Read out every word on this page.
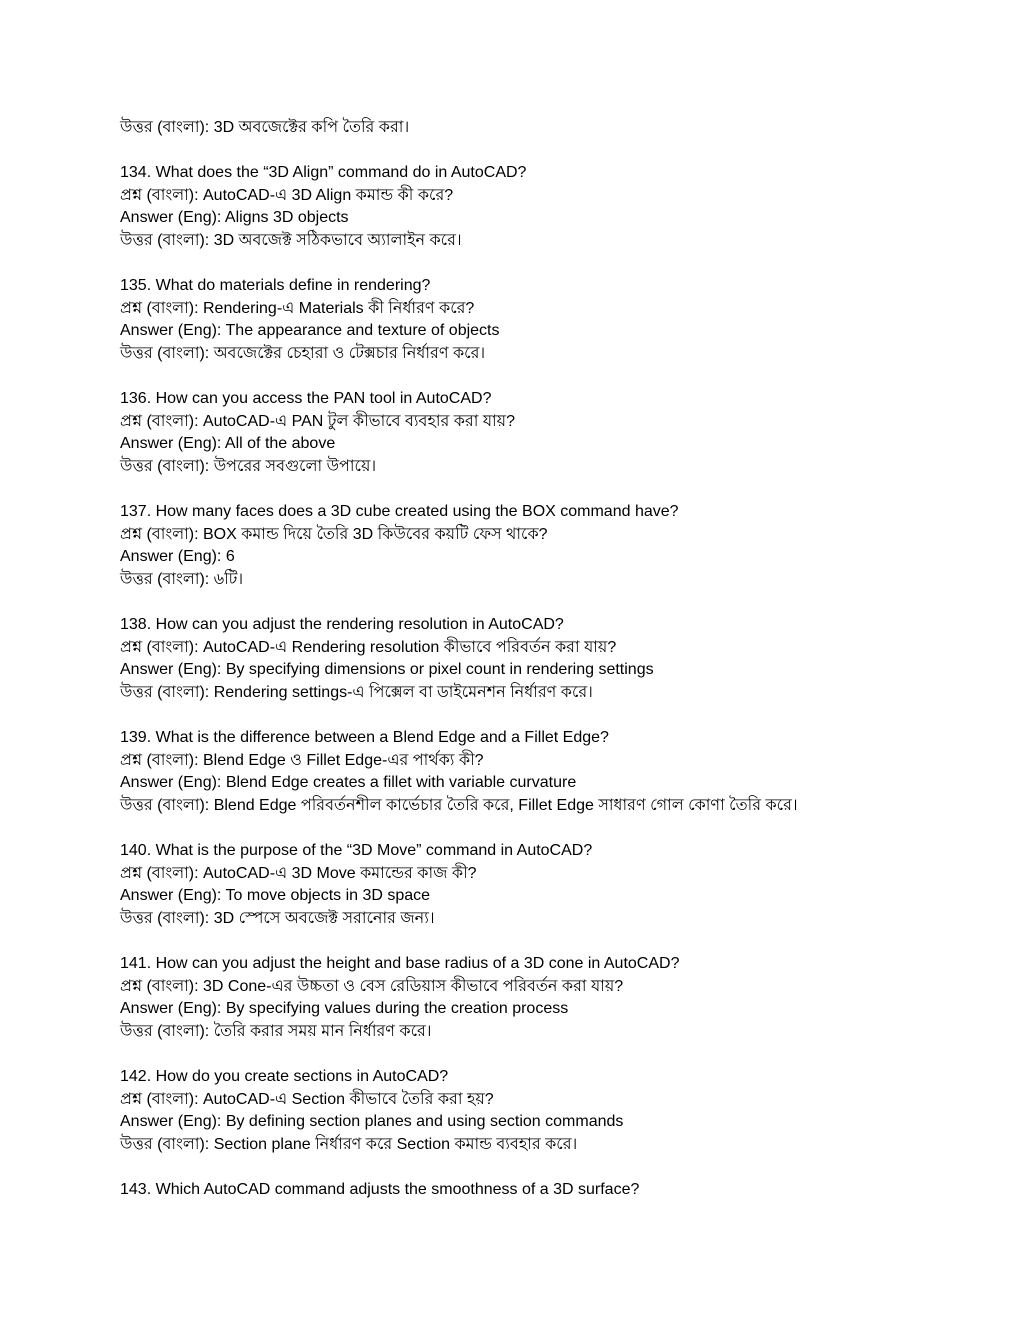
উত্তর (বাংলা): 3D অবজেক্টের কপি তৈরি করা।

134. What does the “3D Align” command do in AutoCAD?

প্রশ্ন (বাংলা): AutoCAD-এ 3D Align কমান্ড কী করে?

Answer (Eng): Aligns 3D objects

উত্তর (বাংলা): 3D অবজেক্ট সঠিকভাবে অ্যালাইন করে।

135. What do materials define in rendering?

প্রশ্ন (বাংলা): Rendering-এ Materials কী নির্ধারণ করে?

Answer (Eng): The appearance and texture of objects

উত্তর (বাংলা): অবজেক্টের চেহারা ও টেক্সচার নির্ধারণ করে।

136. How can you access the PAN tool in AutoCAD?

প্রশ্ন (বাংলা): AutoCAD-এ PAN টুল কীভাবে ব্যবহার করা যায়?

Answer (Eng): All of the above

উত্তর (বাংলা): উপরের সবগুলো উপায়ে।

137. How many faces does a 3D cube created using the BOX command have?

প্রশ্ন (বাংলা): BOX কমান্ড দিয়ে তৈরি 3D কিউবের কয়টি ফেস থাকে?

Answer (Eng): 6

উত্তর (বাংলা): ৬টি।

138. How can you adjust the rendering resolution in AutoCAD?

প্রশ্ন (বাংলা): AutoCAD-এ Rendering resolution কীভাবে পরিবর্তন করা যায়?

Answer (Eng): By specifying dimensions or pixel count in rendering settings

উত্তর (বাংলা): Rendering settings-এ পিক্সেল বা ডাইমেনশন নির্ধারণ করে।

139. What is the difference between a Blend Edge and a Fillet Edge?

প্রশ্ন (বাংলা): Blend Edge ও Fillet Edge-এর পার্থক্য কী?

Answer (Eng): Blend Edge creates a fillet with variable curvature

উত্তর (বাংলা): Blend Edge পরিবর্তনশীল কার্ভেচার তৈরি করে, Fillet Edge সাধারণ গোল কোণা তৈরি করে।

140. What is the purpose of the “3D Move” command in AutoCAD?

প্রশ্ন (বাংলা): AutoCAD-এ 3D Move কমান্ডের কাজ কী?

Answer (Eng): To move objects in 3D space

উত্তর (বাংলা): 3D স্পেসে অবজেক্ট সরানোর জন্য।

141. How can you adjust the height and base radius of a 3D cone in AutoCAD?

প্রশ্ন (বাংলা): 3D Cone-এর উচ্চতা ও বেস রেডিয়াস কীভাবে পরিবর্তন করা যায়?

Answer (Eng): By specifying values during the creation process

উত্তর (বাংলা): তৈরি করার সময় মান নির্ধারণ করে।

142. How do you create sections in AutoCAD?

প্রশ্ন (বাংলা): AutoCAD-এ Section কীভাবে তৈরি করা হয়?

Answer (Eng): By defining section planes and using section commands

উত্তর (বাংলা): Section plane নির্ধারণ করে Section কমান্ড ব্যবহার করে।

143. Which AutoCAD command adjusts the smoothness of a 3D surface?
